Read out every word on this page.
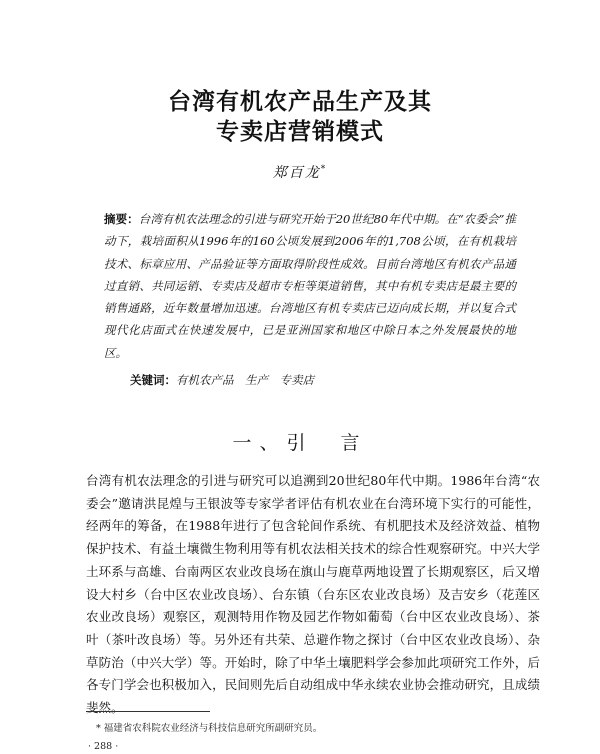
台湾有机农产品生产及其
专卖店营销模式
郑百龙*
摘要：台湾有机农法理念的引进与研究开始于20世纪80年代中期。在“农委会”推动下，栽培面积从1996年的160公顷发展到2006年的1,708公顷，在有机栽培技术、标章应用、产品验证等方面取得阶段性成效。目前台湾地区有机农产品通过直销、共同运销、专卖店及超市专柜等渠道销售，其中有机专卖店是最主要的销售通路，近年数量增加迅速。台湾地区有机专卖店已迈向成长期，并以复合式现代化店面式在快速发展中，已是亚洲国家和地区中除日本之外发展最快的地区。
关键词：有机农产品　生产　专卖店
一、引　言
台湾有机农法理念的引进与研究可以追溯到20世纪80年代中期。1986年台湾“农委会”邀请洪昆煌与王银波等专家学者评估有机农业在台湾环境下实行的可能性，经两年的筹备，在1988年进行了包含轮间作系统、有机肥技术及经济效益、植物保护技术、有益土壤微生物利用等有机农法相关技术的综合性观察研究。中兴大学土环系与高雄、台南两区农业改良场在旗山与鹿草两地设置了长期观察区，后又增设大村乡（台中区农业改良场）、台东镇（台东区农业改良场）及吉安乡（花莲区农业改良场）观察区，观测特用作物及园艺作物如葡萄（台中区农业改良场）、茶叶（茶叶改良场）等。另外还有共荣、总避作物之探讨（台中区农业改良场）、杂草防治（中兴大学）等。开始时，除了中华土壤肥料学会参加此项研究工作外，后各专门学会也积极加入，民间则先后自动组成中华永续农业协会推动研究，且成绩斐然。
* 福建省农科院农业经济与科技信息研究所副研究员。
· 288 ·
